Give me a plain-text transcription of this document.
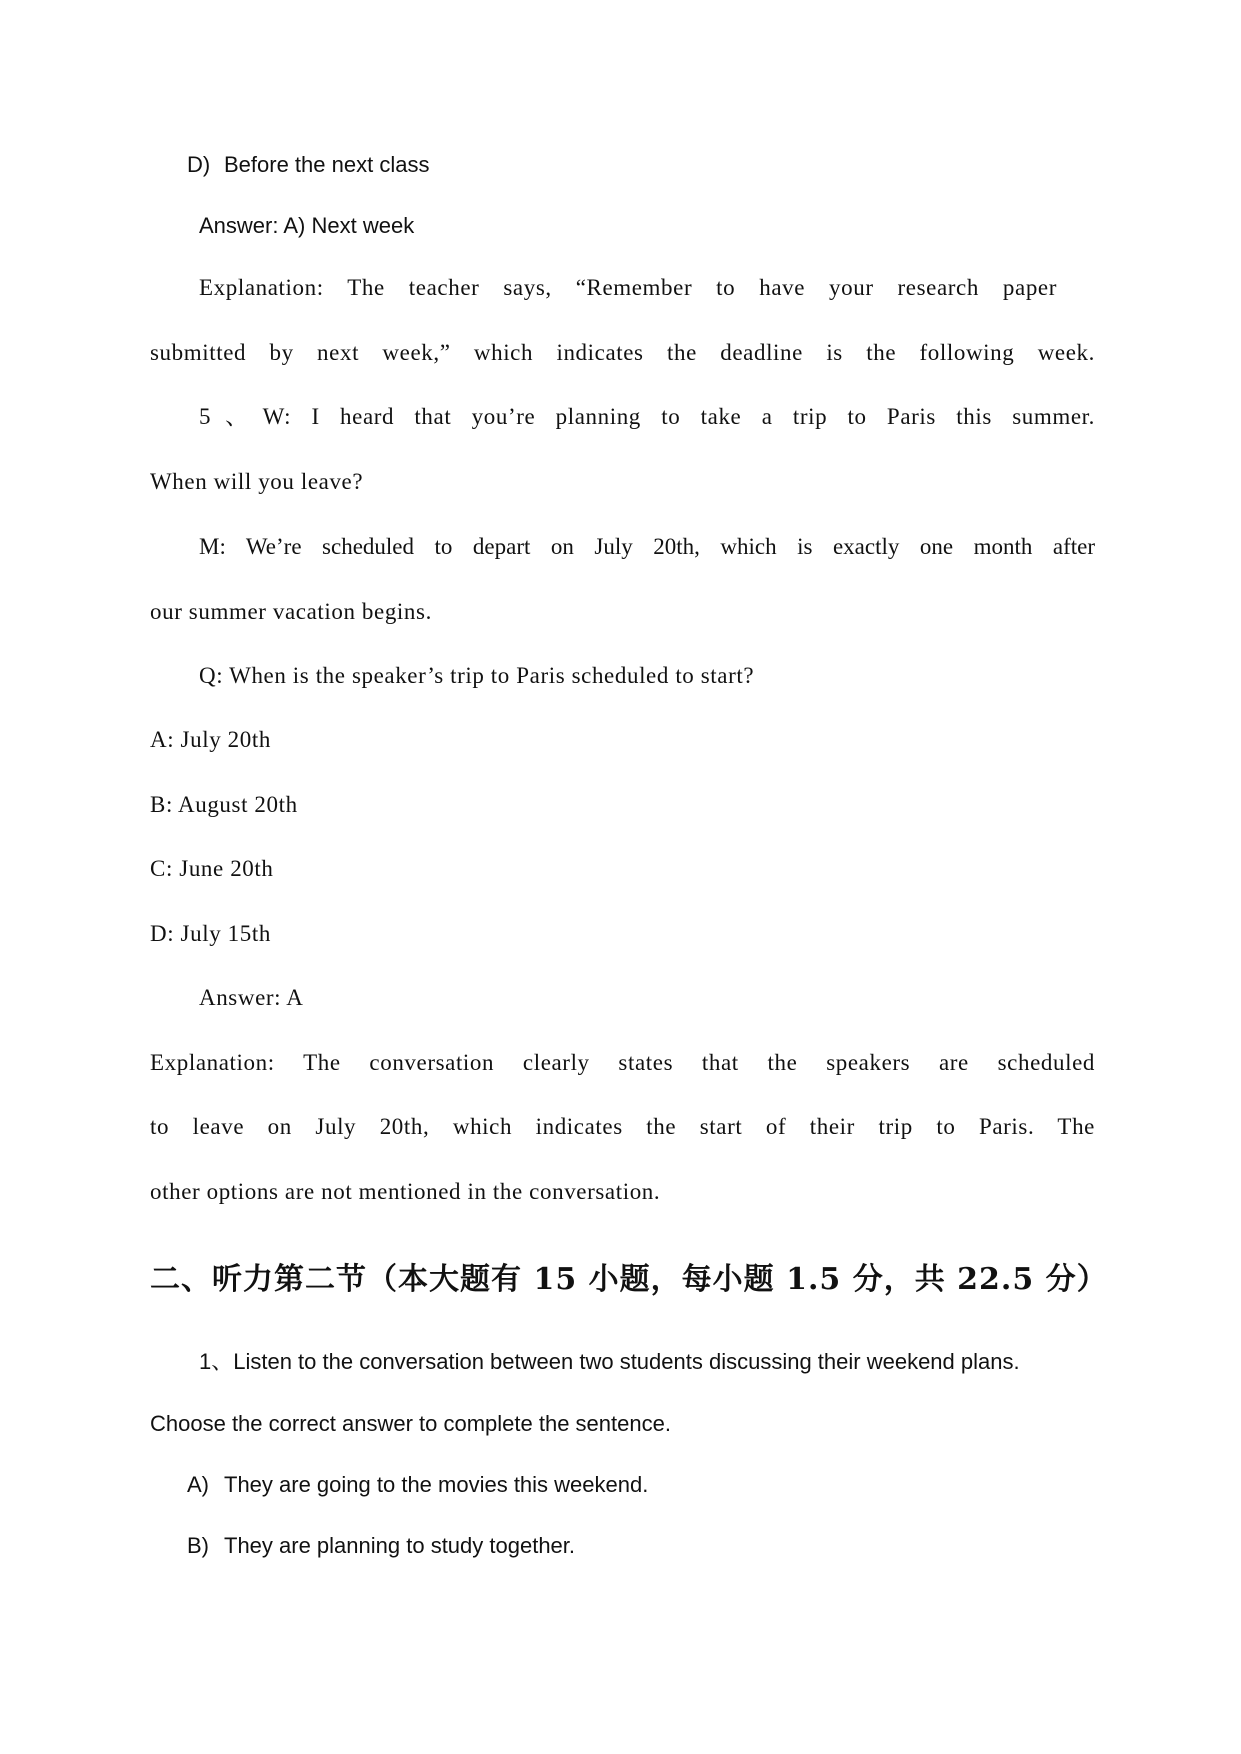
D) Before the next class
Answer: A) Next week
Explanation: The teacher says, “Remember to have your research paper
submitted by next week,” which indicates the deadline is the following week.
5、W: I heard that you’re planning to take a trip to Paris this summer.
When will you leave?
M: We’re scheduled to depart on July 20th, which is exactly one month after
our summer vacation begins.
Q: When is the speaker’s trip to Paris scheduled to start?
A: July 20th
B: August 20th
C: June 20th
D: July 15th
Answer: A
Explanation: The conversation clearly states that the speakers are scheduled
to leave on July 20th, which indicates the start of their trip to Paris. The
other options are not mentioned in the conversation.
二、听力第二节（本大题有 15 小题，每小题 1.5 分，共 22.5 分）
1、Listen to the conversation between two students discussing their weekend plans.
Choose the correct answer to complete the sentence.
A) They are going to the movies this weekend.
B) They are planning to study together.
